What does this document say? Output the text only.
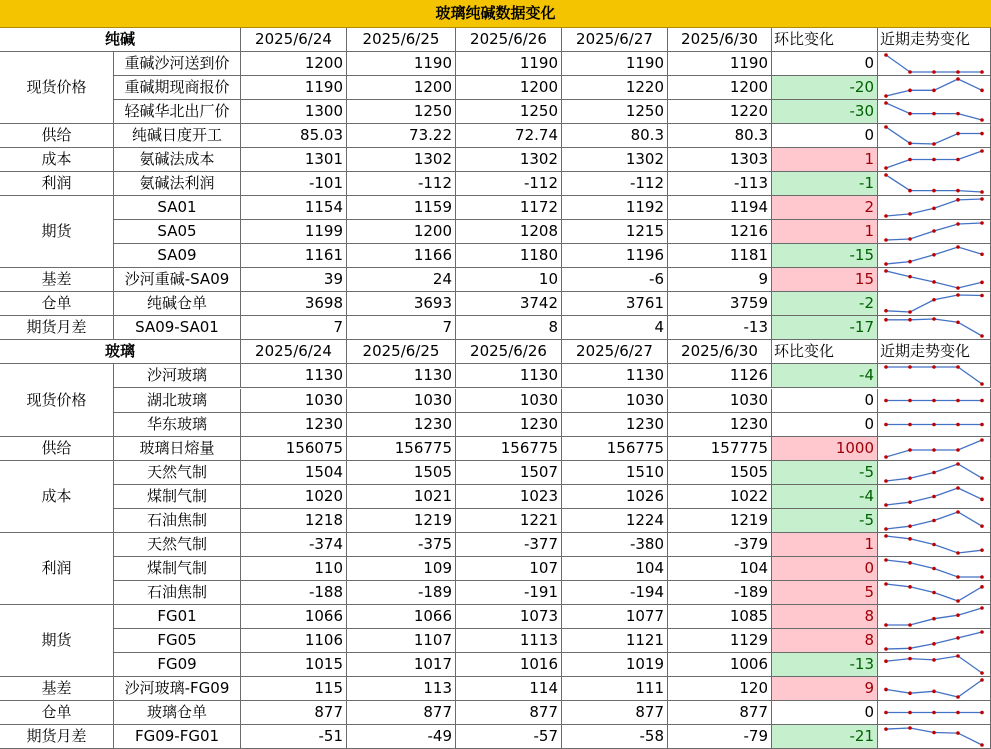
玻璃纯碱数据变化
纯碱	2025/6/24	2025/6/25	2025/6/26	2025/6/27	2025/6/30	环比变化	近期走势变化
现货价格
重碱沙河送到价	1200	1190	1190	1190	1190	0
重碱期现商报价	1190	1200	1200	1220	1200	-20
轻碱华北出厂价	1300	1250	1250	1250	1220	-30
供给	纯碱日度开工	85.03	73.22	72.74	80.3	80.3	0
成本	氨碱法成本	1301	1302	1302	1302	1303	1
利润	氨碱法利润	-101	-112	-112	-112	-113	-1
期货
SA01	1154	1159	1172	1192	1194	2
SA05	1199	1200	1208	1215	1216	1
SA09	1161	1166	1180	1196	1181	-15
基差	沙河重碱-SA09	39	24	10	-6	9	15
仓单	纯碱仓单	3698	3693	3742	3761	3759	-2
期货月差	SA09-SA01	7	7	8	4	-13	-17
玻璃	2025/6/24	2025/6/25	2025/6/26	2025/6/27	2025/6/30	环比变化	近期走势变化
现货价格
沙河玻璃	1130	1130	1130	1130	1126	-4
湖北玻璃	1030	1030	1030	1030	1030	0
华东玻璃	1230	1230	1230	1230	1230	0
供给	玻璃日熔量	156075	156775	156775	156775	157775	1000
成本
天然气制	1504	1505	1507	1510	1505	-5
煤制气制	1020	1021	1023	1026	1022	-4
石油焦制	1218	1219	1221	1224	1219	-5
利润
天然气制	-374	-375	-377	-380	-379	1
煤制气制	110	109	107	104	104	0
石油焦制	-188	-189	-191	-194	-189	5
期货
FG01	1066	1066	1073	1077	1085	8
FG05	1106	1107	1113	1121	1129	8
FG09	1015	1017	1016	1019	1006	-13
基差	沙河玻璃-FG09	115	113	114	111	120	9
仓单	玻璃仓单	877	877	877	877	877	0
期货月差	FG09-FG01	-51	-49	-57	-58	-79	-21
